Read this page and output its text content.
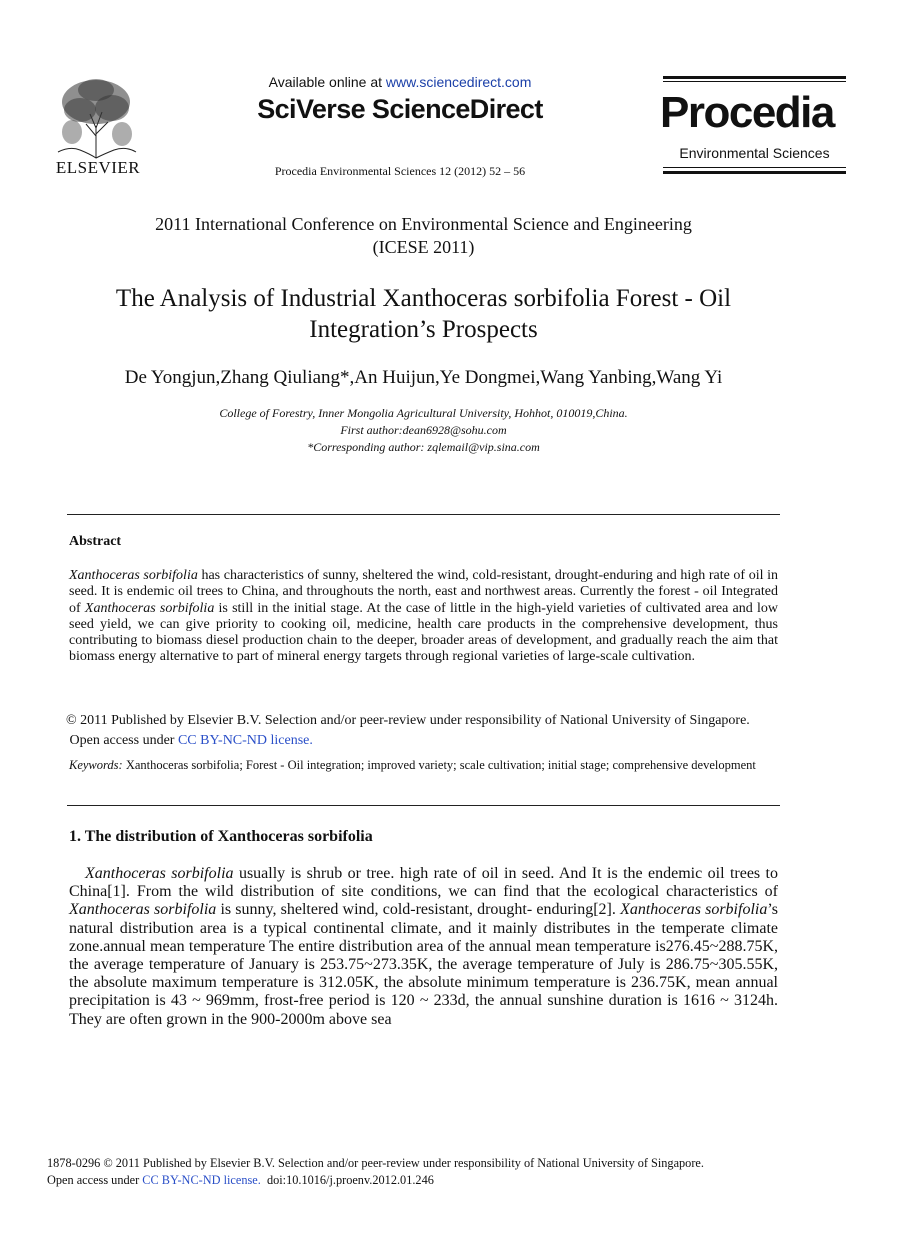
ELSEVIER
Available online at www.sciencedirect.com
SciVerse ScienceDirect
Procedia Environmental Sciences 12 (2012) 52 – 56
Procedia
Environmental Sciences
2011 International Conference on Environmental Science and Engineering
(ICESE 2011)
The Analysis of Industrial Xanthoceras sorbifolia Forest - Oil
Integration’s Prospects
De Yongjun,Zhang Qiuliang*,An Huijun,Ye Dongmei,Wang Yanbing,Wang Yi
College of Forestry, Inner Mongolia Agricultural University, Hohhot, 010019,China.
First author:dean6928@sohu.com
*Corresponding author: zqlemail@vip.sina.com
Abstract
Xanthoceras sorbifolia has characteristics of sunny, sheltered the wind, cold-resistant, drought-enduring and high rate of oil in seed. It is endemic oil trees to China, and throughouts the north, east and northwest areas. Currently the forest - oil Integrated of Xanthoceras sorbifolia is still in the initial stage. At the case of little in the high-yield varieties of cultivated area and low seed yield, we can give priority to cooking oil, medicine, health care products in the comprehensive development, thus contributing to biomass diesel production chain to the deeper, broader areas of development, and gradually reach the aim that biomass energy alternative to part of mineral energy targets through regional varieties of large-scale cultivation.
© 2011 Published by Elsevier B.V. Selection and/or peer-review under responsibility of National University of Singapore.
Open access under CC BY-NC-ND license.
Keywords: Xanthoceras sorbifolia; Forest - Oil integration; improved variety; scale cultivation; initial stage; comprehensive development
1. The distribution of Xanthoceras sorbifolia
Xanthoceras sorbifolia usually is shrub or tree. high rate of oil in seed. And It is the endemic oil trees to China[1]. From the wild distribution of site conditions, we can find that the ecological characteristics of Xanthoceras sorbifolia is sunny, sheltered wind, cold-resistant, drought- enduring[2]. Xanthoceras sorbifolia’s natural distribution area is a typical continental climate, and it mainly distributes in the temperate climate zone.annual mean temperature The entire distribution area of the annual mean temperature is276.45~288.75K, the average temperature of January is 253.75~273.35K, the average temperature of July is 286.75~305.55K, the absolute maximum temperature is 312.05K, the absolute minimum temperature is 236.75K, mean annual precipitation is 43 ~ 969mm, frost-free period is 120 ~ 233d, the annual sunshine duration is 1616 ~ 3124h. They are often grown in the 900-2000m above sea
1878-0296 © 2011 Published by Elsevier B.V. Selection and/or peer-review under responsibility of National University of Singapore.
Open access under CC BY-NC-ND license. doi:10.1016/j.proenv.2012.01.246
